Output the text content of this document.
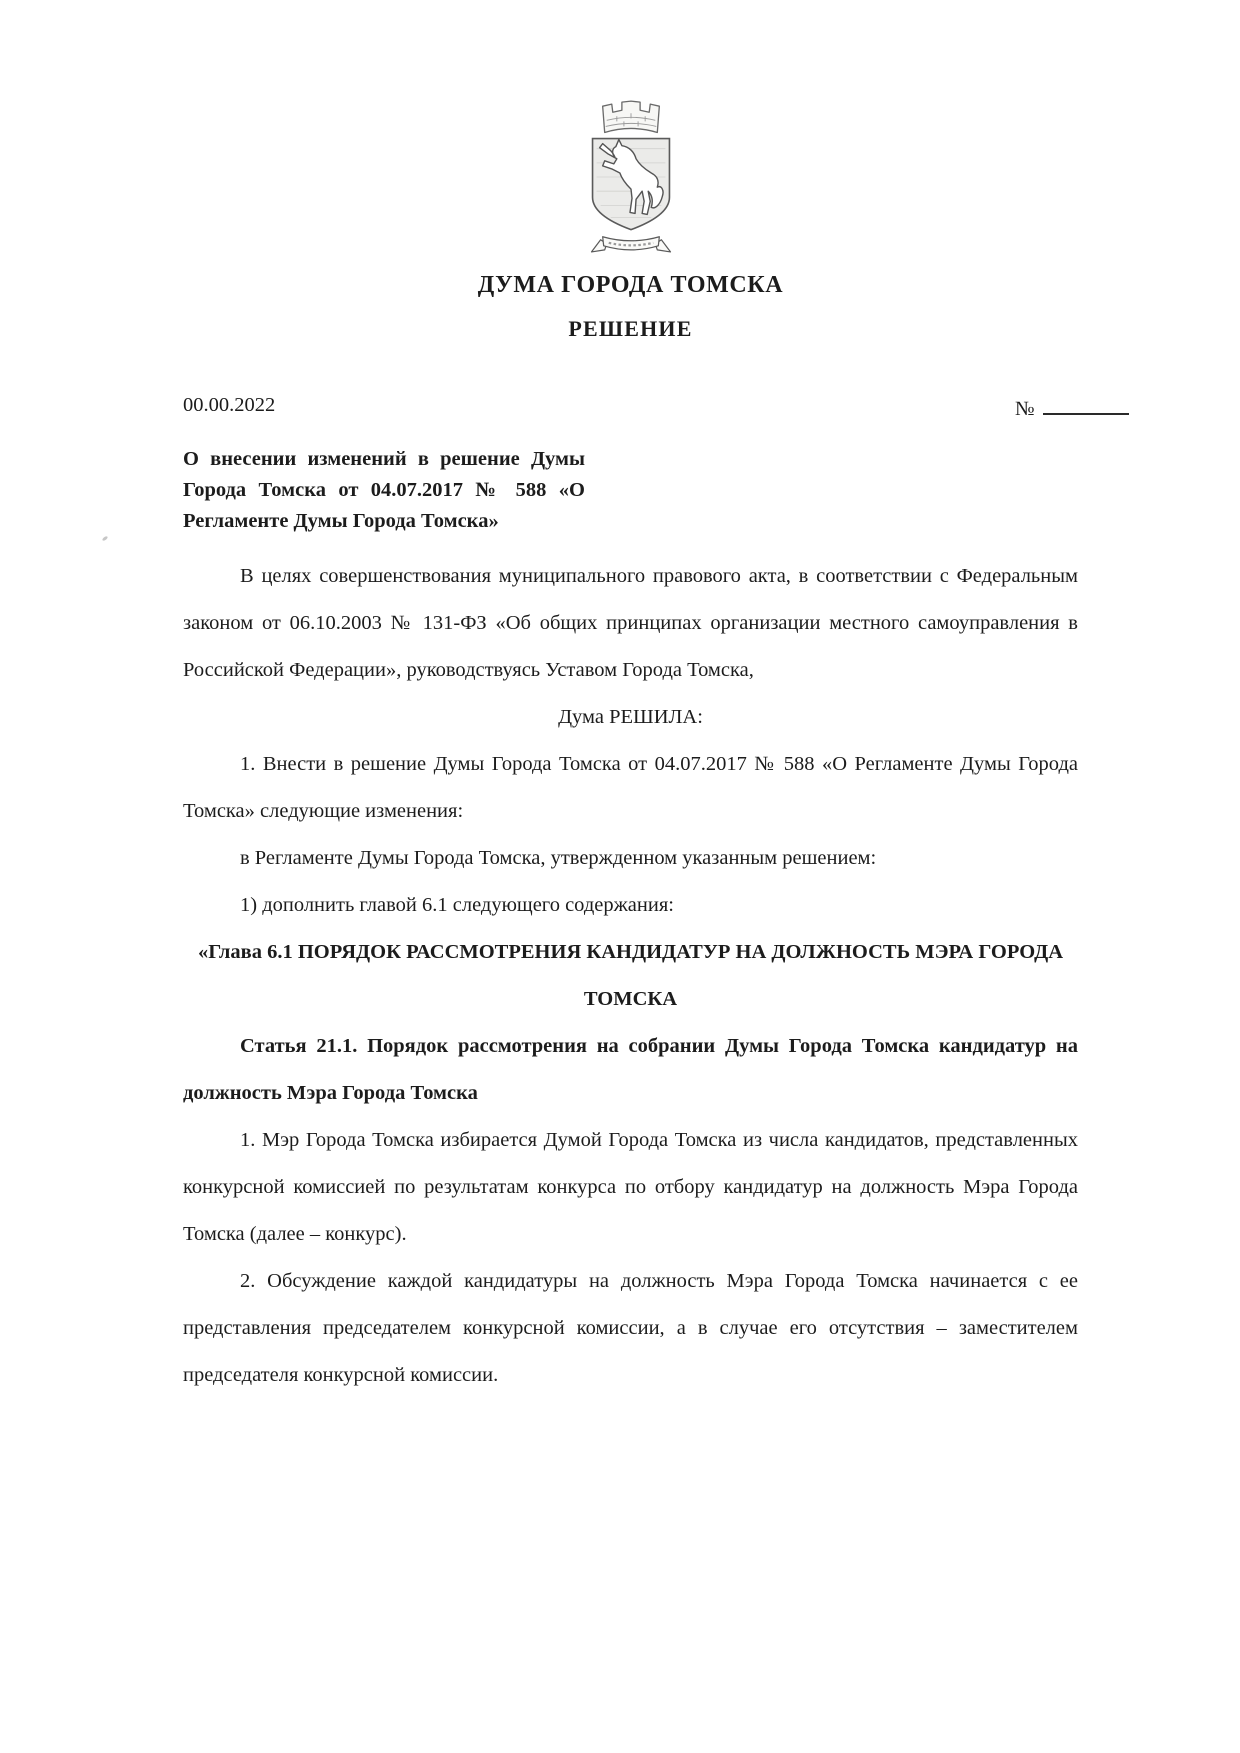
ДУМА ГОРОДА ТОМСКА
РЕШЕНИЕ
00.00.2022	№
О внесении изменений в решение Думы Города Томска от 04.07.2017 № 588 «О Регламенте Думы Города Томска»

В целях совершенствования муниципального правового акта, в соответствии с Федеральным законом от 06.10.2003 № 131-ФЗ «Об общих принципах организации местного самоуправления в Российской Федерации», руководствуясь Уставом Города Томска,

Дума РЕШИЛА:

1. Внести в решение Думы Города Томска от 04.07.2017 № 588 «О Регламенте Думы Города Томска» следующие изменения:

в Регламенте Думы Города Томска, утвержденном указанным решением:

1) дополнить главой 6.1 следующего содержания:

«Глава 6.1 ПОРЯДОК РАССМОТРЕНИЯ КАНДИДАТУР НА ДОЛЖНОСТЬ МЭРА ГОРОДА ТОМСКА

Статья 21.1. Порядок рассмотрения на собрании Думы Города Томска кандидатур на должность Мэра Города Томска

1. Мэр Города Томска избирается Думой Города Томска из числа кандидатов, представленных конкурсной комиссией по результатам конкурса по отбору кандидатур на должность Мэра Города Томска (далее – конкурс).

2. Обсуждение каждой кандидатуры на должность Мэра Города Томска начинается с ее представления председателем конкурсной комиссии, а в случае его отсутствия – заместителем председателя конкурсной комиссии.
